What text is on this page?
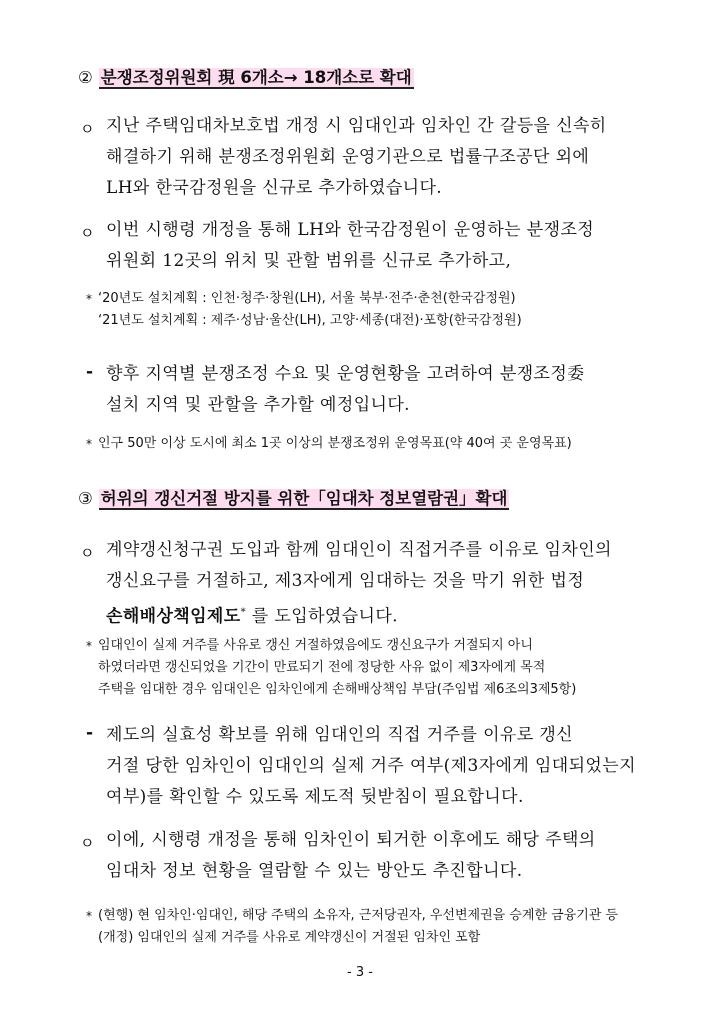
② 분쟁조정위원회 現 6개소→ 18개소로 확대
ㅇ 지난 주택임대차보호법 개정 시 임대인과 임차인 간 갈등을 신속히
해결하기 위해 분쟁조정위원회 운영기관으로 법률구조공단 외에
LH와 한국감정원을 신규로 추가하였습니다.
ㅇ 이번 시행령 개정을 통해 LH와 한국감정원이 운영하는 분쟁조정
위원회 12곳의 위치 및 관할 범위를 신규로 추가하고,
* ‘20년도 설치계획 : 인천·청주·창원(LH), 서울 북부·전주·춘천(한국감정원)
‘21년도 설치계획 : 제주·성남·울산(LH), 고양·세종(대전)·포항(한국감정원)
- 향후 지역별 분쟁조정 수요 및 운영현황을 고려하여 분쟁조정委
설치 지역 및 관할을 추가할 예정입니다.
* 인구 50만 이상 도시에 최소 1곳 이상의 분쟁조정위 운영목표(약 40여 곳 운영목표)
③ 허위의 갱신거절 방지를 위한「임대차 정보열람권」확대
ㅇ 계약갱신청구권 도입과 함께 임대인이 직접거주를 이유로 임차인의
갱신요구를 거절하고, 제3자에게 임대하는 것을 막기 위한 법정
손해배상책임제도* 를 도입하였습니다.
* 임대인이 실제 거주를 사유로 갱신 거절하였음에도 갱신요구가 거절되지 아니
하였더라면 갱신되었을 기간이 만료되기 전에 정당한 사유 없이 제3자에게 목적
주택을 임대한 경우 임대인은 임차인에게 손해배상책임 부담(주임법 제6조의3제5항)
- 제도의 실효성 확보를 위해 임대인의 직접 거주를 이유로 갱신
거절 당한 임차인이 임대인의 실제 거주 여부(제3자에게 임대되었는지
여부)를 확인할 수 있도록 제도적 뒷받침이 필요합니다.
ㅇ 이에, 시행령 개정을 통해 임차인이 퇴거한 이후에도 해당 주택의
임대차 정보 현황을 열람할 수 있는 방안도 추진합니다.
* (현행) 현 임차인·임대인, 해당 주택의 소유자, 근저당권자, 우선변제권을 승계한 금융기관 등
(개정) 임대인의 실제 거주를 사유로 계약갱신이 거절된 임차인 포함
- 3 -
